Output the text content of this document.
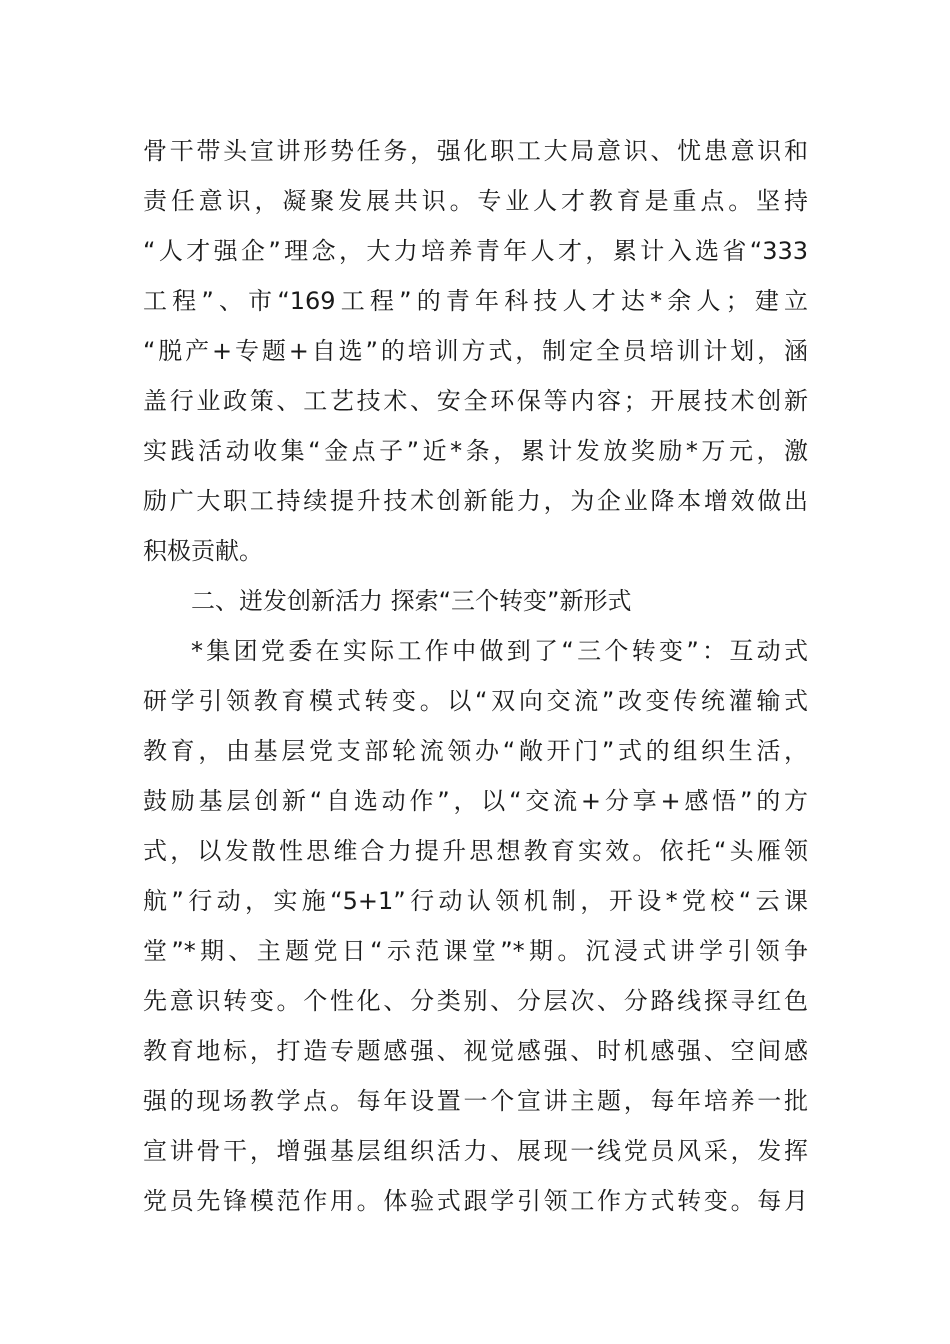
骨干带头宣讲形势任务，强化职工大局意识、忧患意识和
责任意识，凝聚发展共识。专业人才教育是重点。坚持
“人才强企”理念，大力培养青年人才，累计入选省“333
工程”、市“169工程”的青年科技人才达*余人；建立
“脱产+专题+自选”的培训方式，制定全员培训计划，涵
盖行业政策、工艺技术、安全环保等内容；开展技术创新
实践活动收集“金点子”近*条，累计发放奖励*万元，激
励广大职工持续提升技术创新能力，为企业降本增效做出
积极贡献。
二、迸发创新活力 探索“三个转变”新形式
*集团党委在实际工作中做到了“三个转变”：互动式
研学引领教育模式转变。以“双向交流”改变传统灌输式
教育，由基层党支部轮流领办“敞开门”式的组织生活，
鼓励基层创新“自选动作”，以“交流+分享+感悟”的方
式，以发散性思维合力提升思想教育实效。依托“头雁领
航”行动，实施“5+1”行动认领机制，开设*党校“云课
堂”*期、主题党日“示范课堂”*期。沉浸式讲学引领争
先意识转变。个性化、分类别、分层次、分路线探寻红色
教育地标，打造专题感强、视觉感强、时机感强、空间感
强的现场教学点。每年设置一个宣讲主题，每年培养一批
宣讲骨干，增强基层组织活力、展现一线党员风采，发挥
党员先锋模范作用。体验式跟学引领工作方式转变。每月
